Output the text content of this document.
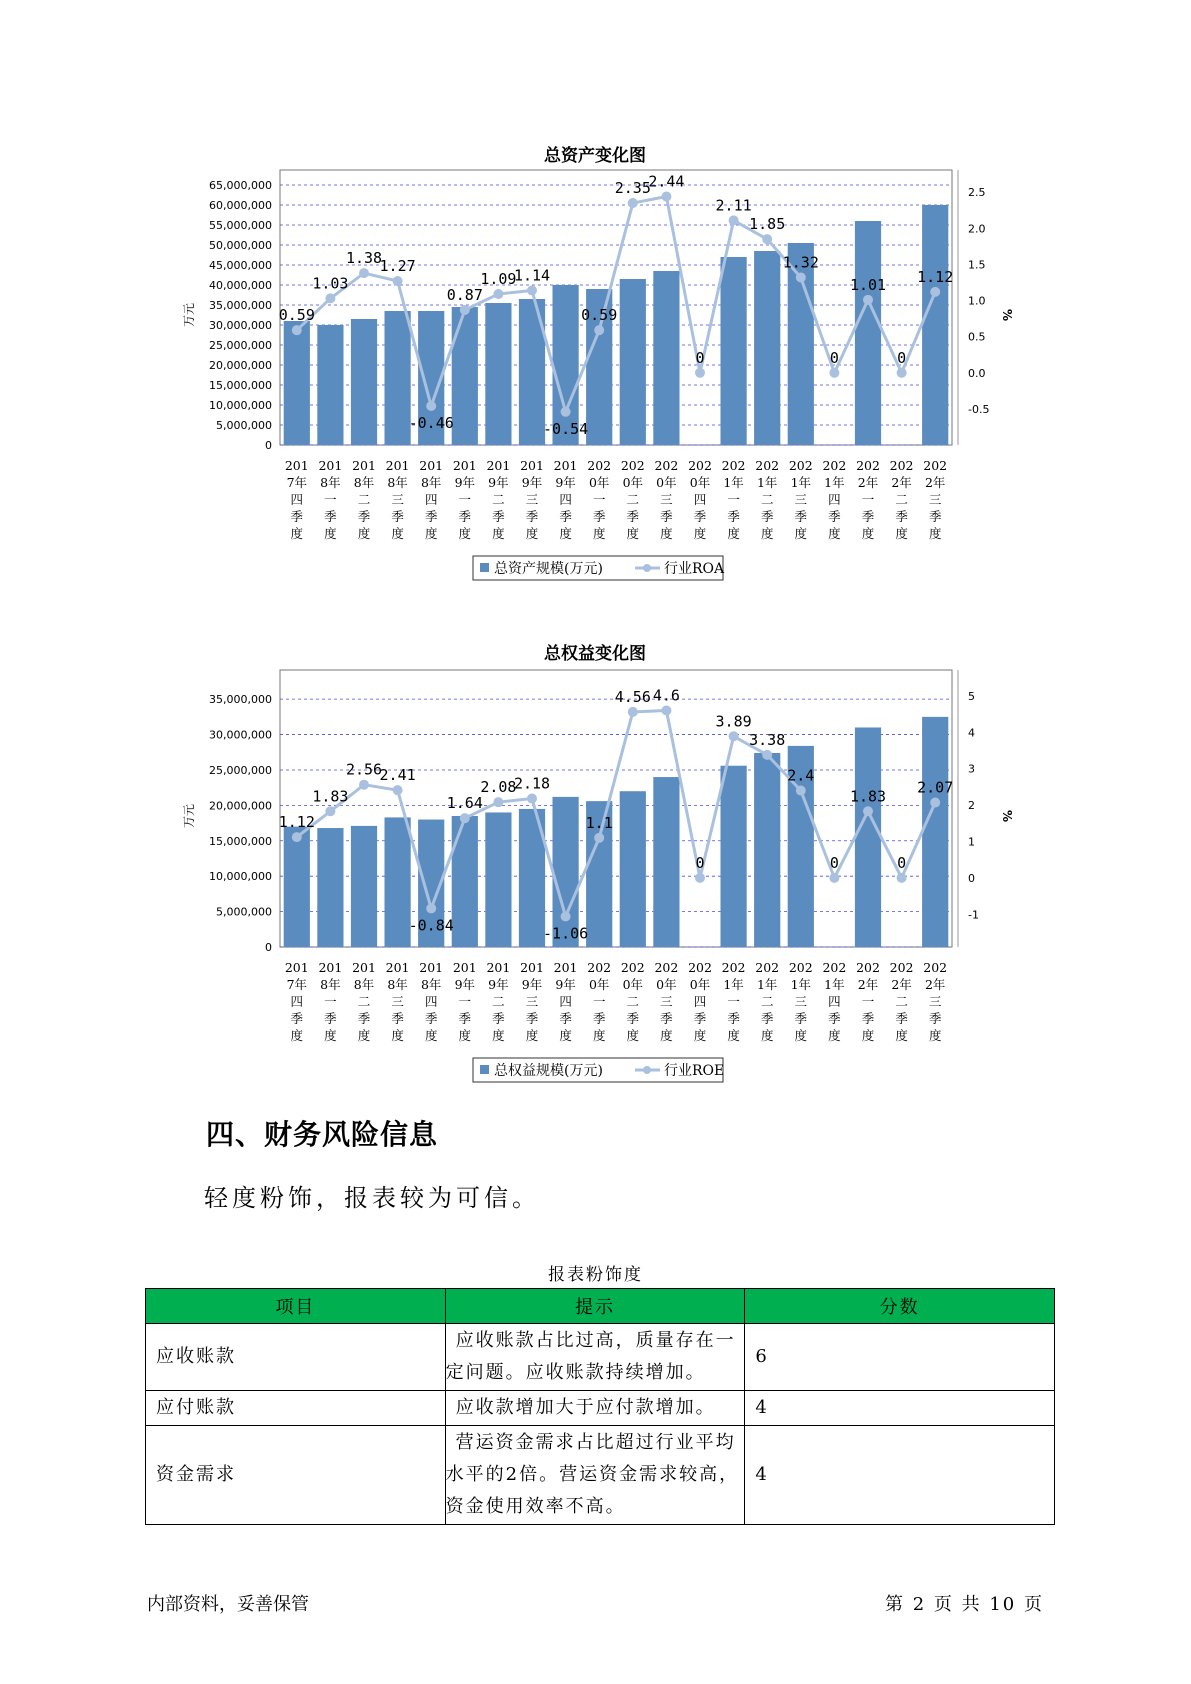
总资产变化图
0
5,000,000
10,000,000
15,000,000
20,000,000
25,000,000
30,000,000
35,000,000
40,000,000
45,000,000
50,000,000
55,000,000
60,000,000
65,000,000
万元
-0.5
0.0
0.5
1.0
1.5
2.0
2.5
%
0.59
1.03
1.38
1.27
-0.46
0.87
1.09
1.14
-0.54
0.59
2.35
2.44
0
2.11
1.85
1.32
0
1.01
0
1.12
201
7年
四
季
度
201
8年
一
季
度
201
8年
二
季
度
201
8年
三
季
度
201
8年
四
季
度
201
9年
一
季
度
201
9年
二
季
度
201
9年
三
季
度
201
9年
四
季
度
202
0年
一
季
度
202
0年
二
季
度
202
0年
三
季
度
202
0年
四
季
度
202
1年
一
季
度
202
1年
二
季
度
202
1年
三
季
度
202
1年
四
季
度
202
2年
一
季
度
202
2年
二
季
度
202
2年
三
季
度
总资产规模(万元)	行业ROA
总权益变化图
0
5,000,000
10,000,000
15,000,000
20,000,000
25,000,000
30,000,000
35,000,000
万元
-1
0
1
2
3
4
5
%
1.12
1.83
2.56
2.41
-0.84
1.64
2.08
2.18
-1.06
1.1
4.56 4.6
0
3.89
3.38
2.4
0
1.83
0
2.07
201
7年
四
季
度
201
8年
一
季
度
201
8年
二
季
度
201
8年
三
季
度
201
8年
四
季
度
201
9年
一
季
度
201
9年
二
季
度
201
9年
三
季
度
201
9年
四
季
度
202
0年
一
季
度
202
0年
二
季
度
202
0年
三
季
度
202
0年
四
季
度
202
1年
一
季
度
202
1年
二
季
度
202
1年
三
季
度
202
1年
四
季
度
202
2年
一
季
度
202
2年
二
季
度
202
2年
三
季
度
总权益规模(万元)	行业ROE
四、财务风险信息
轻度粉饰，报表较为可信。
报表粉饰度
项目	提示	分数
应收账款	应收账款占比过高，质量存在一定问题。应收账款持续增加。	6
应付账款	应收款增加大于应付款增加。	4
资金需求	营运资金需求占比超过行业平均水平的2倍。营运资金需求较高，资金使用效率不高。	4
内部资料，妥善保管	第 2 页 共 10 页
